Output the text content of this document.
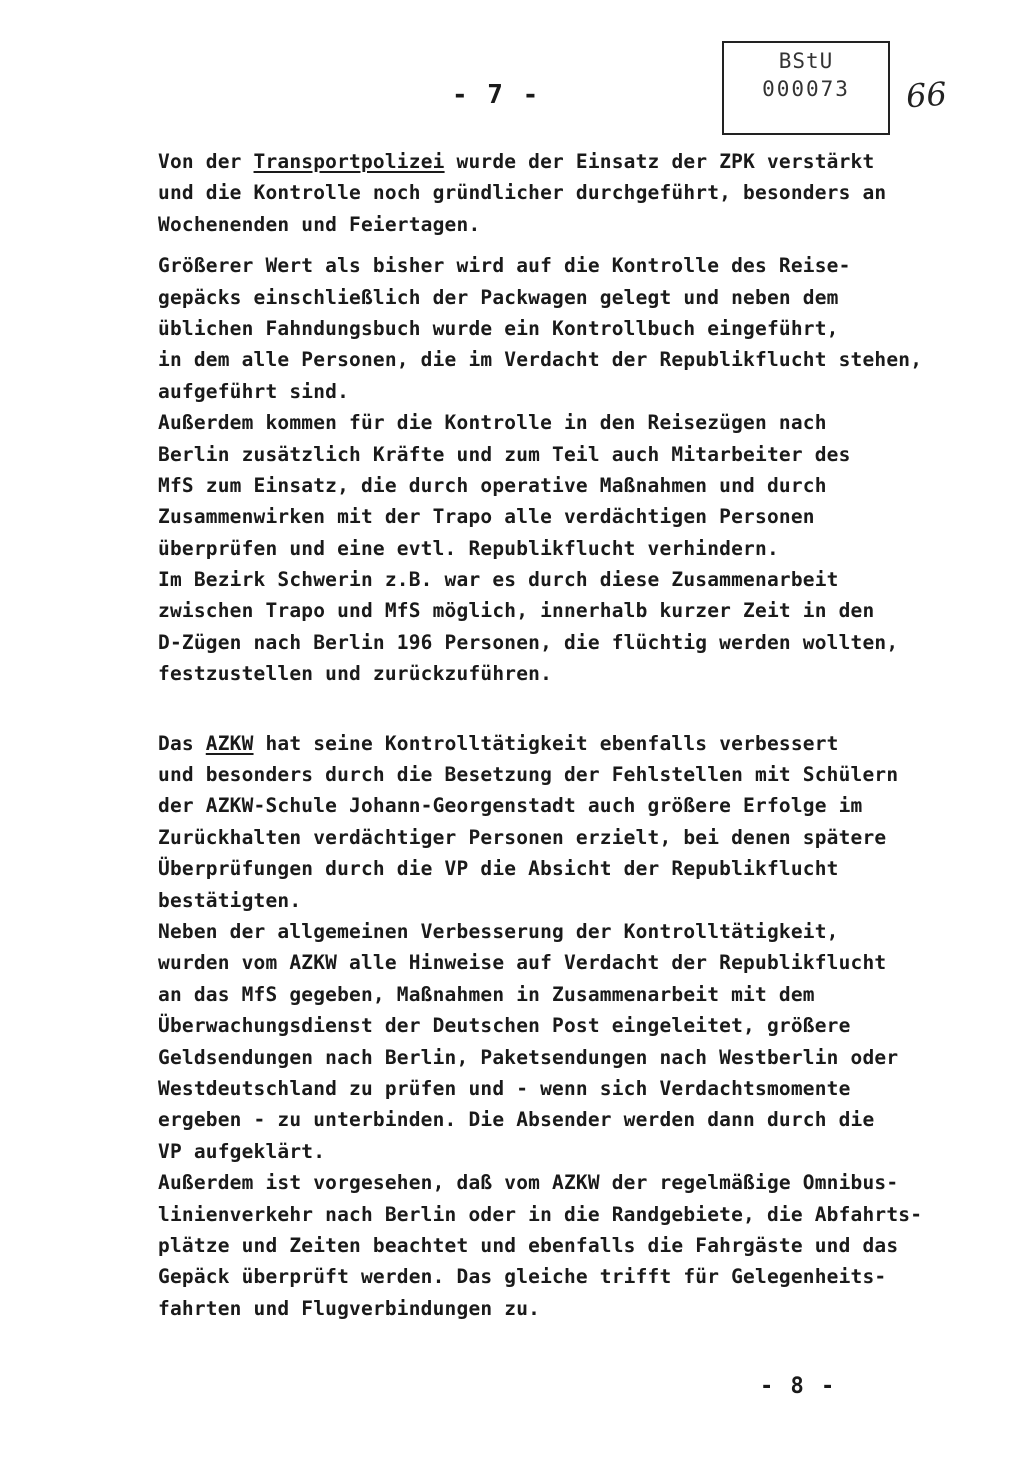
BStU
000073	66
- 7 -
Von der Transportpolizei wurde der Einsatz der ZPK verstärkt
und die Kontrolle noch gründlicher durchgeführt, besonders an
Wochenenden und Feiertagen.
Größerer Wert als bisher wird auf die Kontrolle des Reise-
gepäcks einschließlich der Packwagen gelegt und neben dem
üblichen Fahndungsbuch wurde ein Kontrollbuch eingeführt,
in dem alle Personen, die im Verdacht der Republikflucht stehen,
aufgeführt sind.
Außerdem kommen für die Kontrolle in den Reisezügen nach
Berlin zusätzlich Kräfte und zum Teil auch Mitarbeiter des
MfS zum Einsatz, die durch operative Maßnahmen und durch
Zusammenwirken mit der Trapo alle verdächtigen Personen
überprüfen und eine evtl. Republikflucht verhindern.
Im Bezirk Schwerin z.B. war es durch diese Zusammenarbeit
zwischen Trapo und MfS möglich, innerhalb kurzer Zeit in den
D-Zügen nach Berlin 196 Personen, die flüchtig werden wollten,
festzustellen und zurückzuführen.
Das AZKW hat seine Kontrolltätigkeit ebenfalls verbessert
und besonders durch die Besetzung der Fehlstellen mit Schülern
der AZKW-Schule Johann-Georgenstadt auch größere Erfolge im
Zurückhalten verdächtiger Personen erzielt, bei denen spätere
Überprüfungen durch die VP die Absicht der Republikflucht
bestätigten.
Neben der allgemeinen Verbesserung der Kontrolltätigkeit,
wurden vom AZKW alle Hinweise auf Verdacht der Republikflucht
an das MfS gegeben, Maßnahmen in Zusammenarbeit mit dem
Überwachungsdienst der Deutschen Post eingeleitet, größere
Geldsendungen nach Berlin, Paketsendungen nach Westberlin oder
Westdeutschland zu prüfen und - wenn sich Verdachtsmomente
ergeben - zu unterbinden. Die Absender werden dann durch die
VP aufgeklärt.
Außerdem ist vorgesehen, daß vom AZKW der regelmäßige Omnibus-
linienverkehr nach Berlin oder in die Randgebiete, die Abfahrts-
plätze und Zeiten beachtet und ebenfalls die Fahrgäste und das
Gepäck überprüft werden. Das gleiche trifft für Gelegenheits-
fahrten und Flugverbindungen zu.
- 8 -
